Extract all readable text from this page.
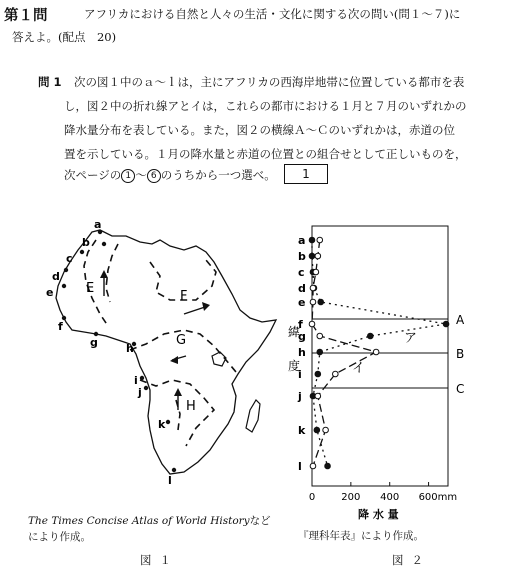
第１問	アフリカにおける自然と人々の生活・文化に関する次の問い(問１～７)に
答えよ。(配点　20)
問 1 次の図１中のａ～ｌは，主にアフリカの西海岸地帯に位置している都市を表
し，図２中の折れ線アとイは，これらの都市における１月と７月のいずれかの
降水量分布を表している。また，図２の横線Ａ～Ｃのいずれかは，赤道の位
置を示している。１月の降水量と赤道の位置との組合せとして正しいものを，
次ページの 1 ～ 6 のうちから一つ選べ。	1
a
b
c
d
e
f
g	h
i
j
k
l
E
F
G
H
A
B
C
0	200 400 600mm
降 水 量
緯
度
a
b
c
d
e
f
g
h
i
j
k
l
ア
イ
The Times Concise Atlas of World Historyなど
により作成。
図１
『理科年表』により作成。
図２
